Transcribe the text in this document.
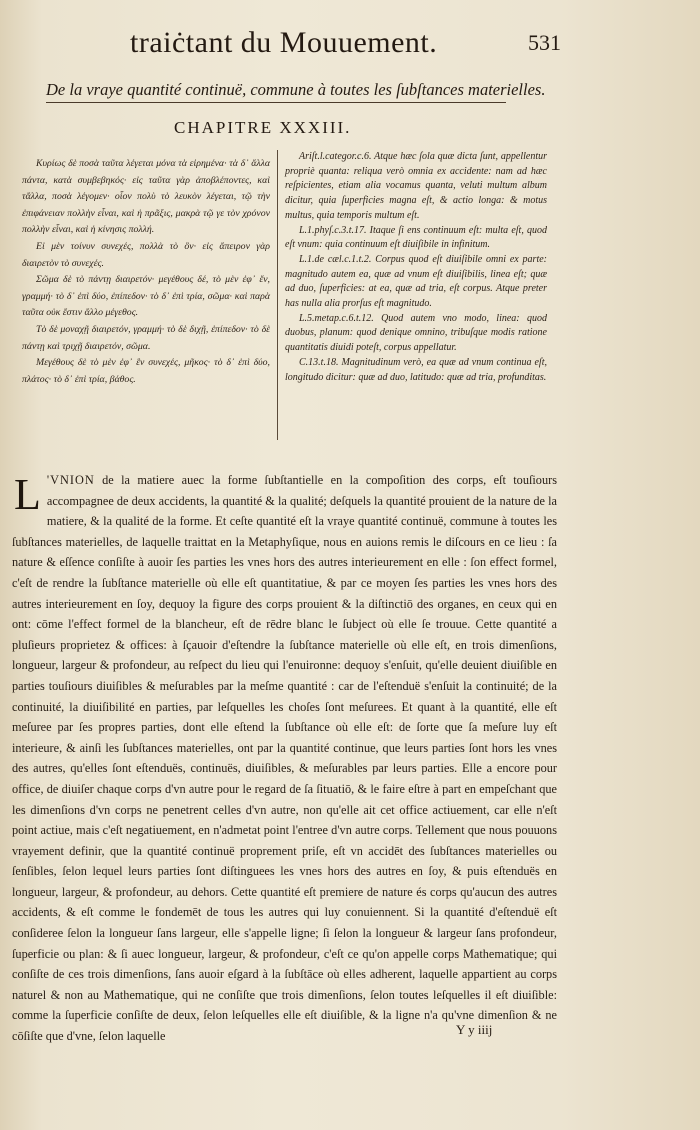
traiċtant du Mouuement.	531
De la vraye quantité continuë, commune à toutes les ſubſtances materielles.
CHAPITRE XXXIII.

Κυρίως δὲ ποσὰ ταῦτα λέγεται μόνα τὰ εἰρημένα· τὰ δ᾽ ἄλλα πάντα, κατὰ συμβεβηκός· εἰς ταῦτα γὰρ ἀποβλέποντες, καὶ τἄλλα, ποσὰ λέγομεν· οἷον πολὺ τὸ λευκὸν λέγεται, τῷ τὴν ἐπιφάνειαν πολλὴν εἶναι, καὶ ἡ πρᾶξις, μακρὰ τῷ γε τὸν χρόνον πολλὴν εἶναι, καὶ ἡ κίνησις πολλή.

Εἰ μὲν τοίνυν συνεχές, πολλὰ τὸ ὂν· εἰς ἄπειρον γὰρ διαιρετὸν τὸ συνεχές.

Σῶμα δὲ τὸ πάντῃ διαιρετόν· μεγέθους δέ, τὸ μὲν ἐφ᾽ ἕν, γραμμή· τὸ δ᾽ ἐπὶ δύο, ἐπίπεδον· τὸ δ᾽ ἐπὶ τρία, σῶμα· καὶ παρὰ ταῦτα οὐκ ἔστιν ἄλλο μέγεθος.

Τὸ δὲ μοναχῇ διαιρετόν, γραμμή· τὸ δὲ διχῇ, ἐπίπεδον· τὸ δὲ πάντῃ καὶ τριχῇ διαιρετόν, σῶμα.

Μεγέθους δὲ τὸ μὲν ἐφ᾽ ἓν συνεχές, μῆκος· τὸ δ᾽ ἐπὶ δύο, πλάτος· τὸ δ᾽ ἐπὶ τρία, βάθος.

Ariſt.l.categor.c.6. Atque hæc ſola quæ dicta ſunt, appellentur propriè quanta: reliqua verò omnia ex accidente: nam ad hæc reſpicientes, etiam alia vocamus quanta, veluti multum album dicitur, quia ſuperficies magna eſt, & actio longa: & motus multus, quia temporis multum eſt.

L.1.phyſ.c.3.t.17. Itaque ſi ens continuum eſt: multa eſt, quod eſt vnum: quia continuum eſt diuiſibile in infinitum.

L.1.de cæl.c.1.t.2. Corpus quod eſt diuiſibile omni ex parte: magnitudo autem ea, quæ ad vnum eſt diuiſibilis, linea eſt; quæ ad duo, ſuperficies: at ea, quæ ad tria, eſt corpus. Atque preter has nulla alia prorſus eſt magnitudo.

L.5.metap.c.6.t.12. Quod autem vno modo, linea: quod duobus, planum: quod denique omnino, tribuſque modis ratione quantitatis diuidi poteſt, corpus appellatur.

C.13.t.18. Magnitudinum verò, ea quæ ad vnum continua eſt, longitudo dicitur: quæ ad duo, latitudo: quæ ad tria, profunditas.

L 'VNION de la matiere auec la forme ſubſtantielle en la compoſition des corps, eſt touſiours accompagnee de deux accidents, la quantité & la qualité; deſquels la quantité prouient de la nature de la matiere, & la qualité de la forme. Et ceſte quantité eſt la vraye quantité continuë, commune à toutes les ſubſtances materielles, de laquelle traittat en la Metaphyſique, nous en auions remis le diſcours en ce lieu : ſa nature & eſſence conſiſte à auoir ſes parties les vnes hors des autres interieurement en elle : ſon effect formel, c'eſt de rendre la ſubſtance materielle où elle eſt quantitatiue, & par ce moyen ſes parties les vnes hors des autres interieurement en ſoy, dequoy la figure des corps prouient & la diſtinctiō des organes, en ceux qui en ont: cōme l'effect formel de la blancheur, eſt de rēdre blanc le ſubject où elle ſe trouue. Cette quantité a pluſieurs proprietez & offices: à ſçauoir d'eſtendre la ſubſtance materielle où elle eſt, en trois dimenſions, longueur, largeur & profondeur, au reſpect du lieu qui l'enuironne: dequoy s'enſuit, qu'elle deuient diuiſible en parties touſiours diuiſibles & meſurables par la meſme quantité : car de l'eſtenduë s'enſuit la continuité; de la continuité, la diuiſibilité en parties, par leſquelles les choſes ſont meſurees. Et quant à la quantité, elle eſt meſuree par ſes propres parties, dont elle eſtend la ſubſtance où elle eſt: de ſorte que ſa meſure luy eſt interieure, & ainſi les ſubſtances materielles, ont par la quantité continue, que leurs parties ſont hors les vnes des autres, qu'elles ſont eſtenduës, continuës, diuiſibles, & meſurables par leurs parties. Elle a encore pour office, de diuiſer chaque corps d'vn autre pour le regard de ſa ſituatiō, & le faire eſtre à part en empeſchant que les dimenſions d'vn corps ne penetrent celles d'vn autre, non qu'elle ait cet office actiuement, car elle n'eſt point actiue, mais c'eſt negatiuement, en n'admetat point l'entree d'vn autre corps. Tellement que nous pouuons vrayement definir, que la quantité continuë proprement priſe, eſt vn accidēt des ſubſtances materielles ou ſenſibles, ſelon lequel leurs parties ſont diſtinguees les vnes hors des autres en ſoy, & puis eſtenduës en longueur, largeur, & profondeur, au dehors. Cette quantité eſt premiere de nature és corps qu'aucun des autres accidents, & eſt comme le fondemēt de tous les autres qui luy conuiennent. Si la quantité d'eſtenduë eſt conſideree ſelon la longueur ſans largeur, elle s'appelle ligne; ſi ſelon la longueur & largeur ſans profondeur, ſuperficie ou plan: & ſi auec longueur, largeur, & profondeur, c'eſt ce qu'on appelle corps Mathematique; qui conſiſte de ces trois dimenſions, ſans auoir eſgard à la ſubſtāce où elles adherent, laquelle appartient au corps naturel & non au Mathematique, qui ne conſiſte que trois dimenſions, ſelon toutes leſquelles il eſt diuiſible: comme la ſuperficie conſiſte de deux, ſelon leſquelles elle eſt diuiſible, & la ligne n'a qu'vne dimenſion & ne cōſiſte que d'vne, ſelon laquelle	Y y iiij
